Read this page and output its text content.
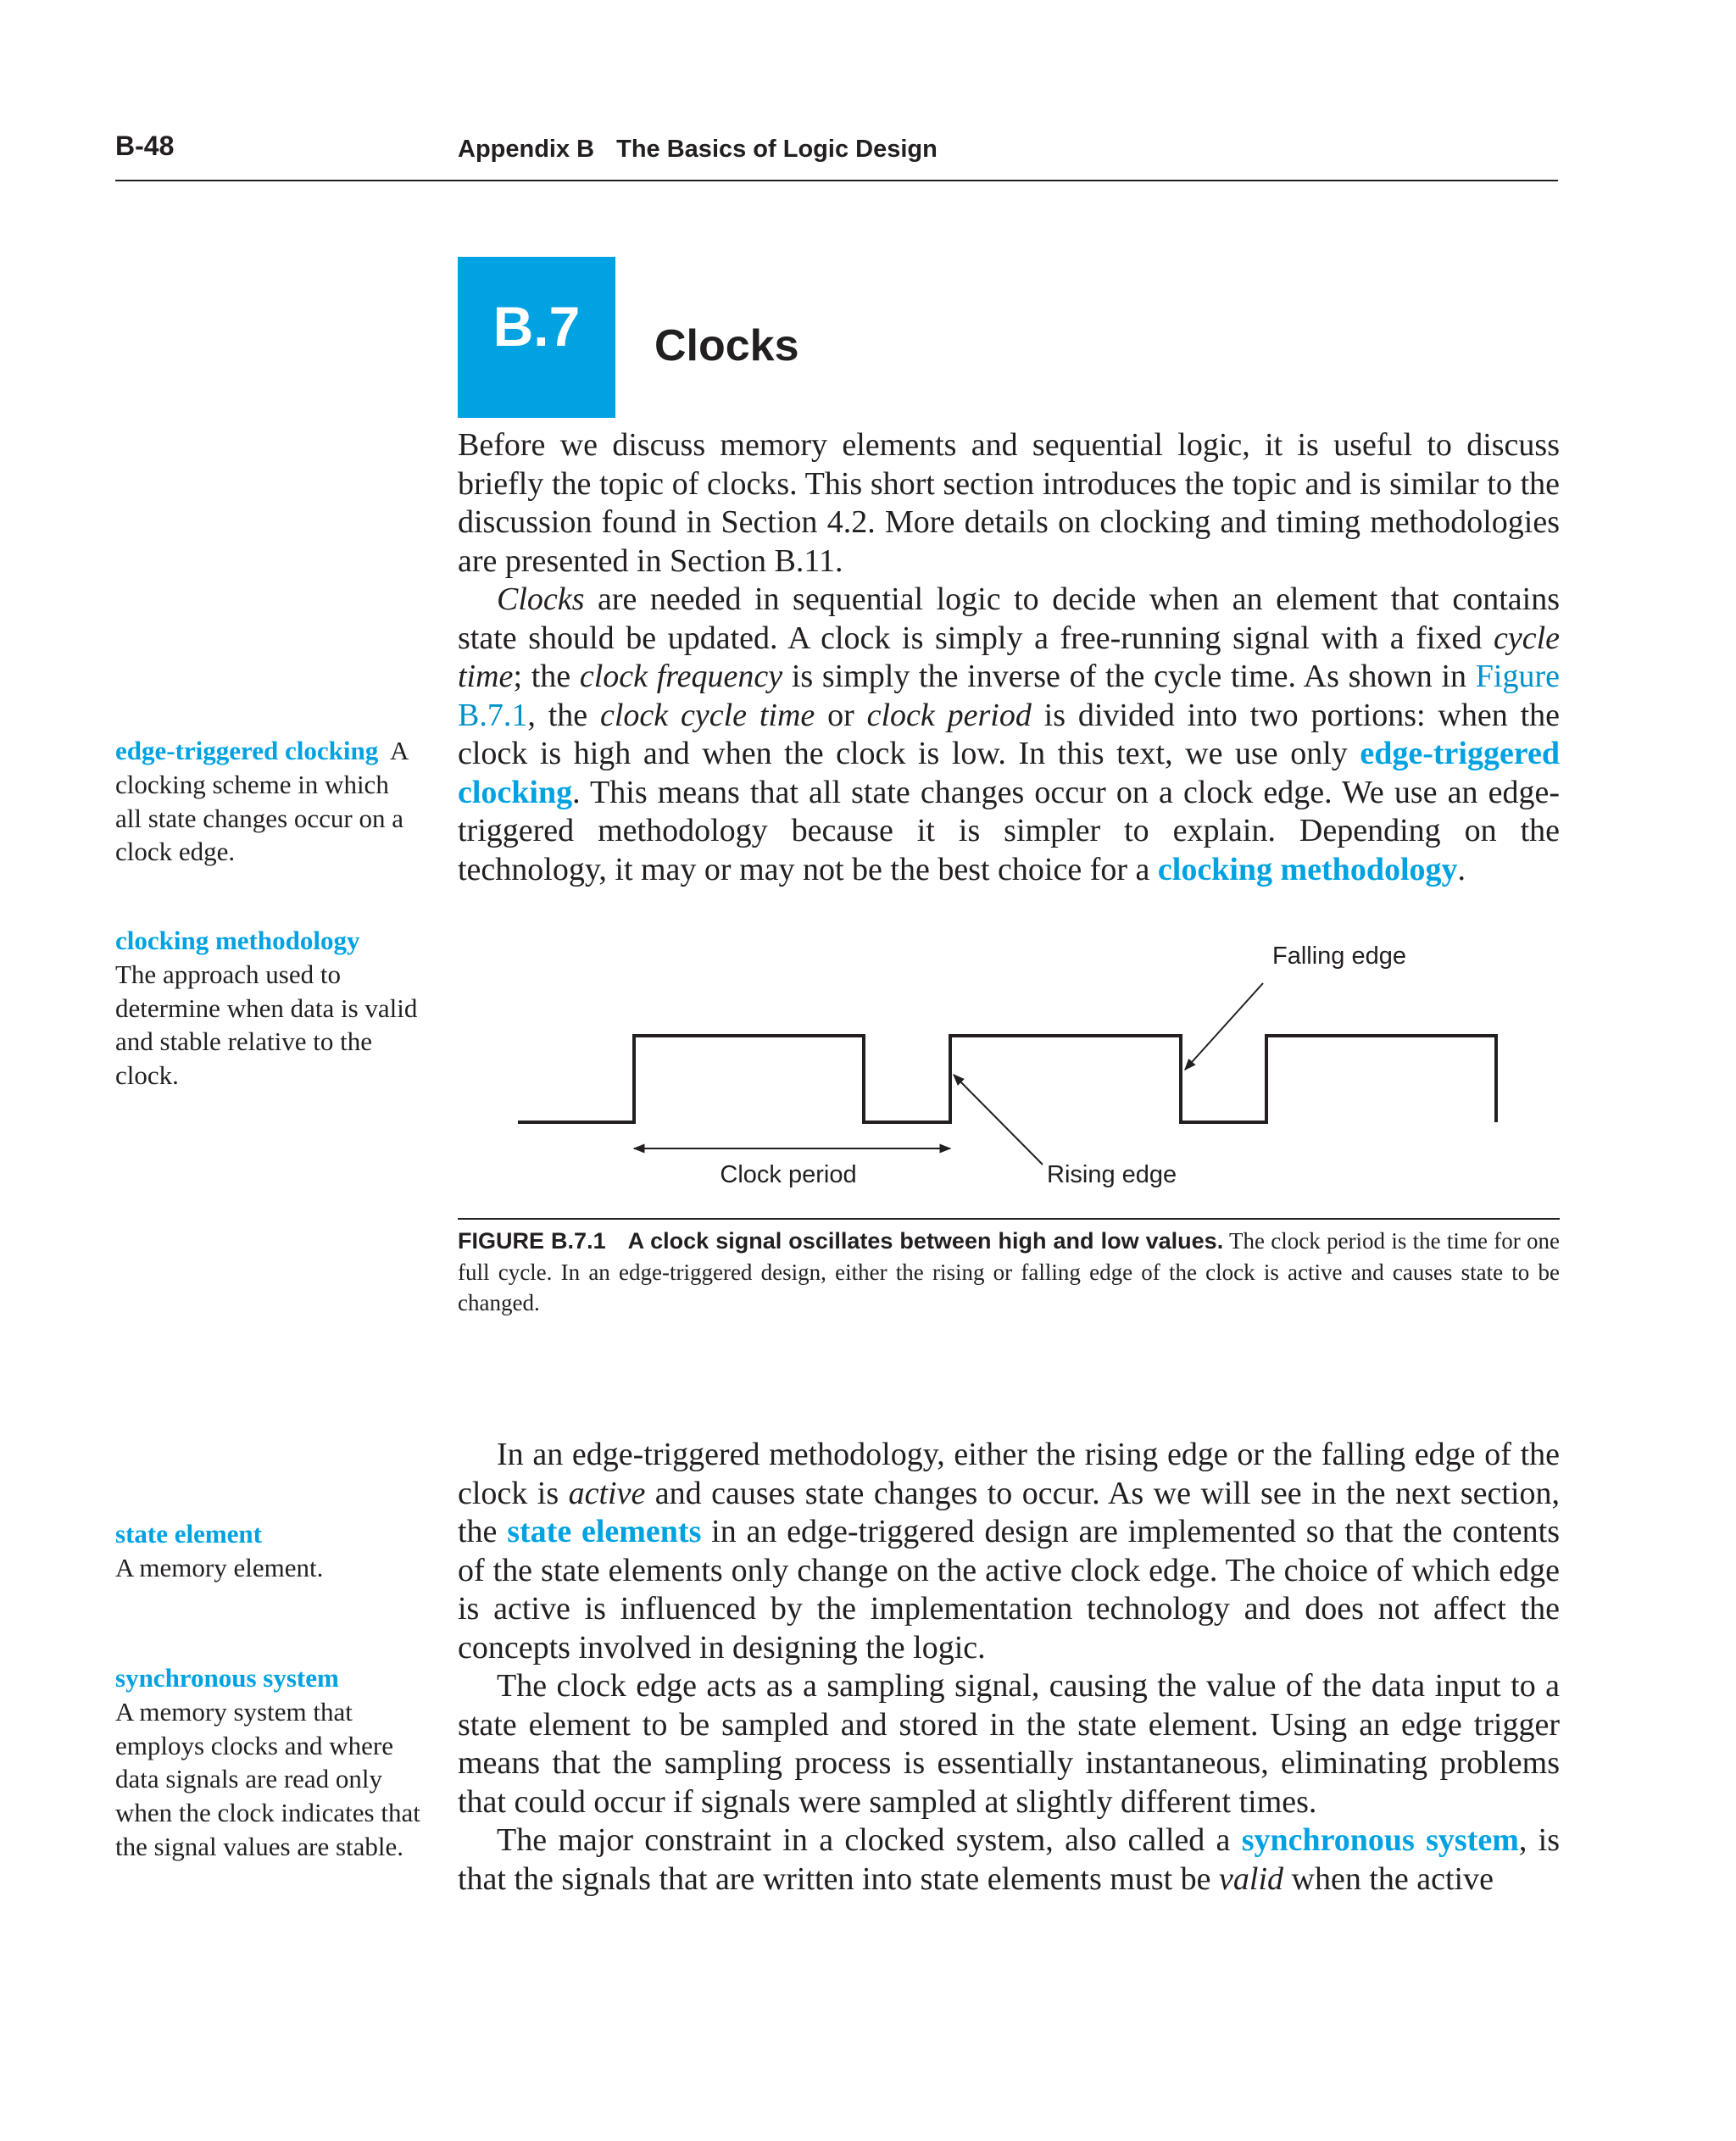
B-48	Appendix B The Basics of Logic Design
B.7	Clocks

Before we discuss memory elements and sequential logic, it is useful to discuss briefly the topic of clocks. This short section introduces the topic and is similar to the discussion found in Section 4.2. More details on clocking and timing methodologies are presented in Section B.11.

Clocks are needed in sequential logic to decide when an element that contains state should be updated. A clock is simply a free-running signal with a fixed cycle time; the clock frequency is simply the inverse of the cycle time. As shown in Figure B.7.1, the clock cycle time or clock period is divided into two portions: when the clock is high and when the clock is low. In this text, we use only edge-triggered clocking. This means that all state changes occur on a clock edge. We use an edge-triggered methodology because it is simpler to explain. Depending on the technology, it may or may not be the best choice for a clocking methodology.

edge-triggered clocking A clocking scheme in which all state changes occur on a clock edge.
clocking methodology
The approach used to determine when data is valid and stable relative to the clock.
state element
A memory element.
synchronous system
A memory system that employs clocks and where data signals are read only when the clock indicates that the signal values are stable.
Falling edge
Clock period	Rising edge
FIGURE B.7.1 A clock signal oscillates between high and low values. The clock period is the time for one full cycle. In an edge-triggered design, either the rising or falling edge of the clock is active and causes state to be changed.

In an edge-triggered methodology, either the rising edge or the falling edge of the clock is active and causes state changes to occur. As we will see in the next section, the state elements in an edge-triggered design are implemented so that the contents of the state elements only change on the active clock edge. The choice of which edge is active is influenced by the implementation technology and does not affect the concepts involved in designing the logic.

The clock edge acts as a sampling signal, causing the value of the data input to a state element to be sampled and stored in the state element. Using an edge trigger means that the sampling process is essentially instantaneous, eliminating problems that could occur if signals were sampled at slightly different times.

The major constraint in a clocked system, also called a synchronous system, is that the signals that are written into state elements must be valid when the active
